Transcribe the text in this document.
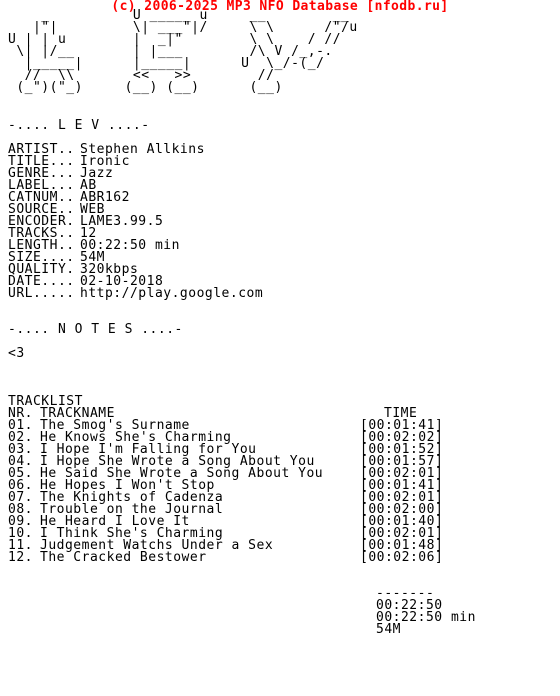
(c) 2006-2025 MP3 NFO Database [nfodb.ru]
_          U _____ u     __        __
|"|         \| ___"|/     \ \      /"/u
U | | u        |  _|"        \ \    / //
\| |/__       | |___        /\ V /_,-.
|_____|      |_____|      U  \_/-(_/
//  \\       <<   >>        //
(_")("_)     (__) (__)      (__)
-.... L E V ....-
ARTIST.. Stephen Allkins
TITLE... Ironic
GENRE... Jazz
LABEL... AB
CATNUM.. ABR162
SOURCE.. WEB
ENCODER. LAME3.99.5
TRACKS.. 12
LENGTH.. 00:22:50 min
SIZE.... 54M
QUALITY. 320kbps
DATE.... 02-10-2018
URL..... http://play.google.com
-.... N O T E S ....-
<3
TRACKLIST
NR. TRACKNAME	TIME
01. The Smog's Surname	[00:01:41]
02. He Knows She's Charming	[00:02:02]
03. I Hope I'm Falling for You	[00:01:52]
04. I Hope She Wrote a Song About You	[00:01:57]
05. He Said She Wrote a Song About You	[00:02:01]
06. He Hopes I Won't Stop	[00:01:41]
07. The Knights of Cadenza	[00:02:01]
08. Trouble on the Journal	[00:02:00]
09. He Heard I Love It	[00:01:40]
10. I Think She's Charming	[00:02:01]
11. Judgement Watchs Under a Sex	[00:01:48]
12. The Cracked Bestower	[00:02:06]
-------
00:22:50
00:22:50 min
54M
